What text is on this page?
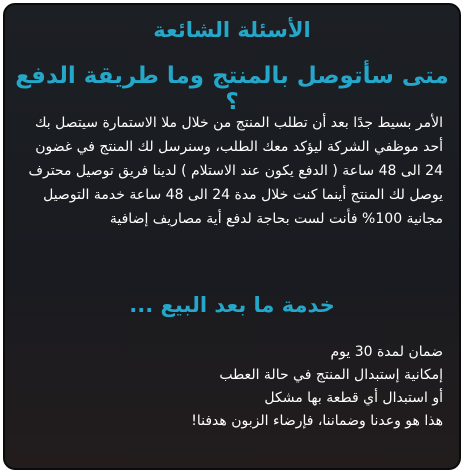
الأسئلة الشائعة
متى سأتوصل بالمنتج وما طريقة الدفع ؟

الأمر بسيط جدًا بعد أن تطلب المنتج من خلال ملا الاستمارة سيتصل بك أحد موظفي الشركة ليؤكد معك الطلب، وسنرسل لك المنتج في غضون 24 الى 48 ساعة ( الدفع يكون عند الاستلام ) لدينا فريق توصيل محترف يوصل لك المنتج أينما كنت خلال مدة 24 الى 48 ساعة خدمة التوصيل مجانية 100% فأنت لست بحاجة لدفع أية مصاريف إضافية

خدمة ما بعد البيع ...
ضمان لمدة 30 يوم
إمكانية إستبدال المنتج في حالة العطب
أو استبدال أي قطعة بها مشكل
هذا هو وعدنا وضماننا، فإرضاء الزبون هدفنا!
